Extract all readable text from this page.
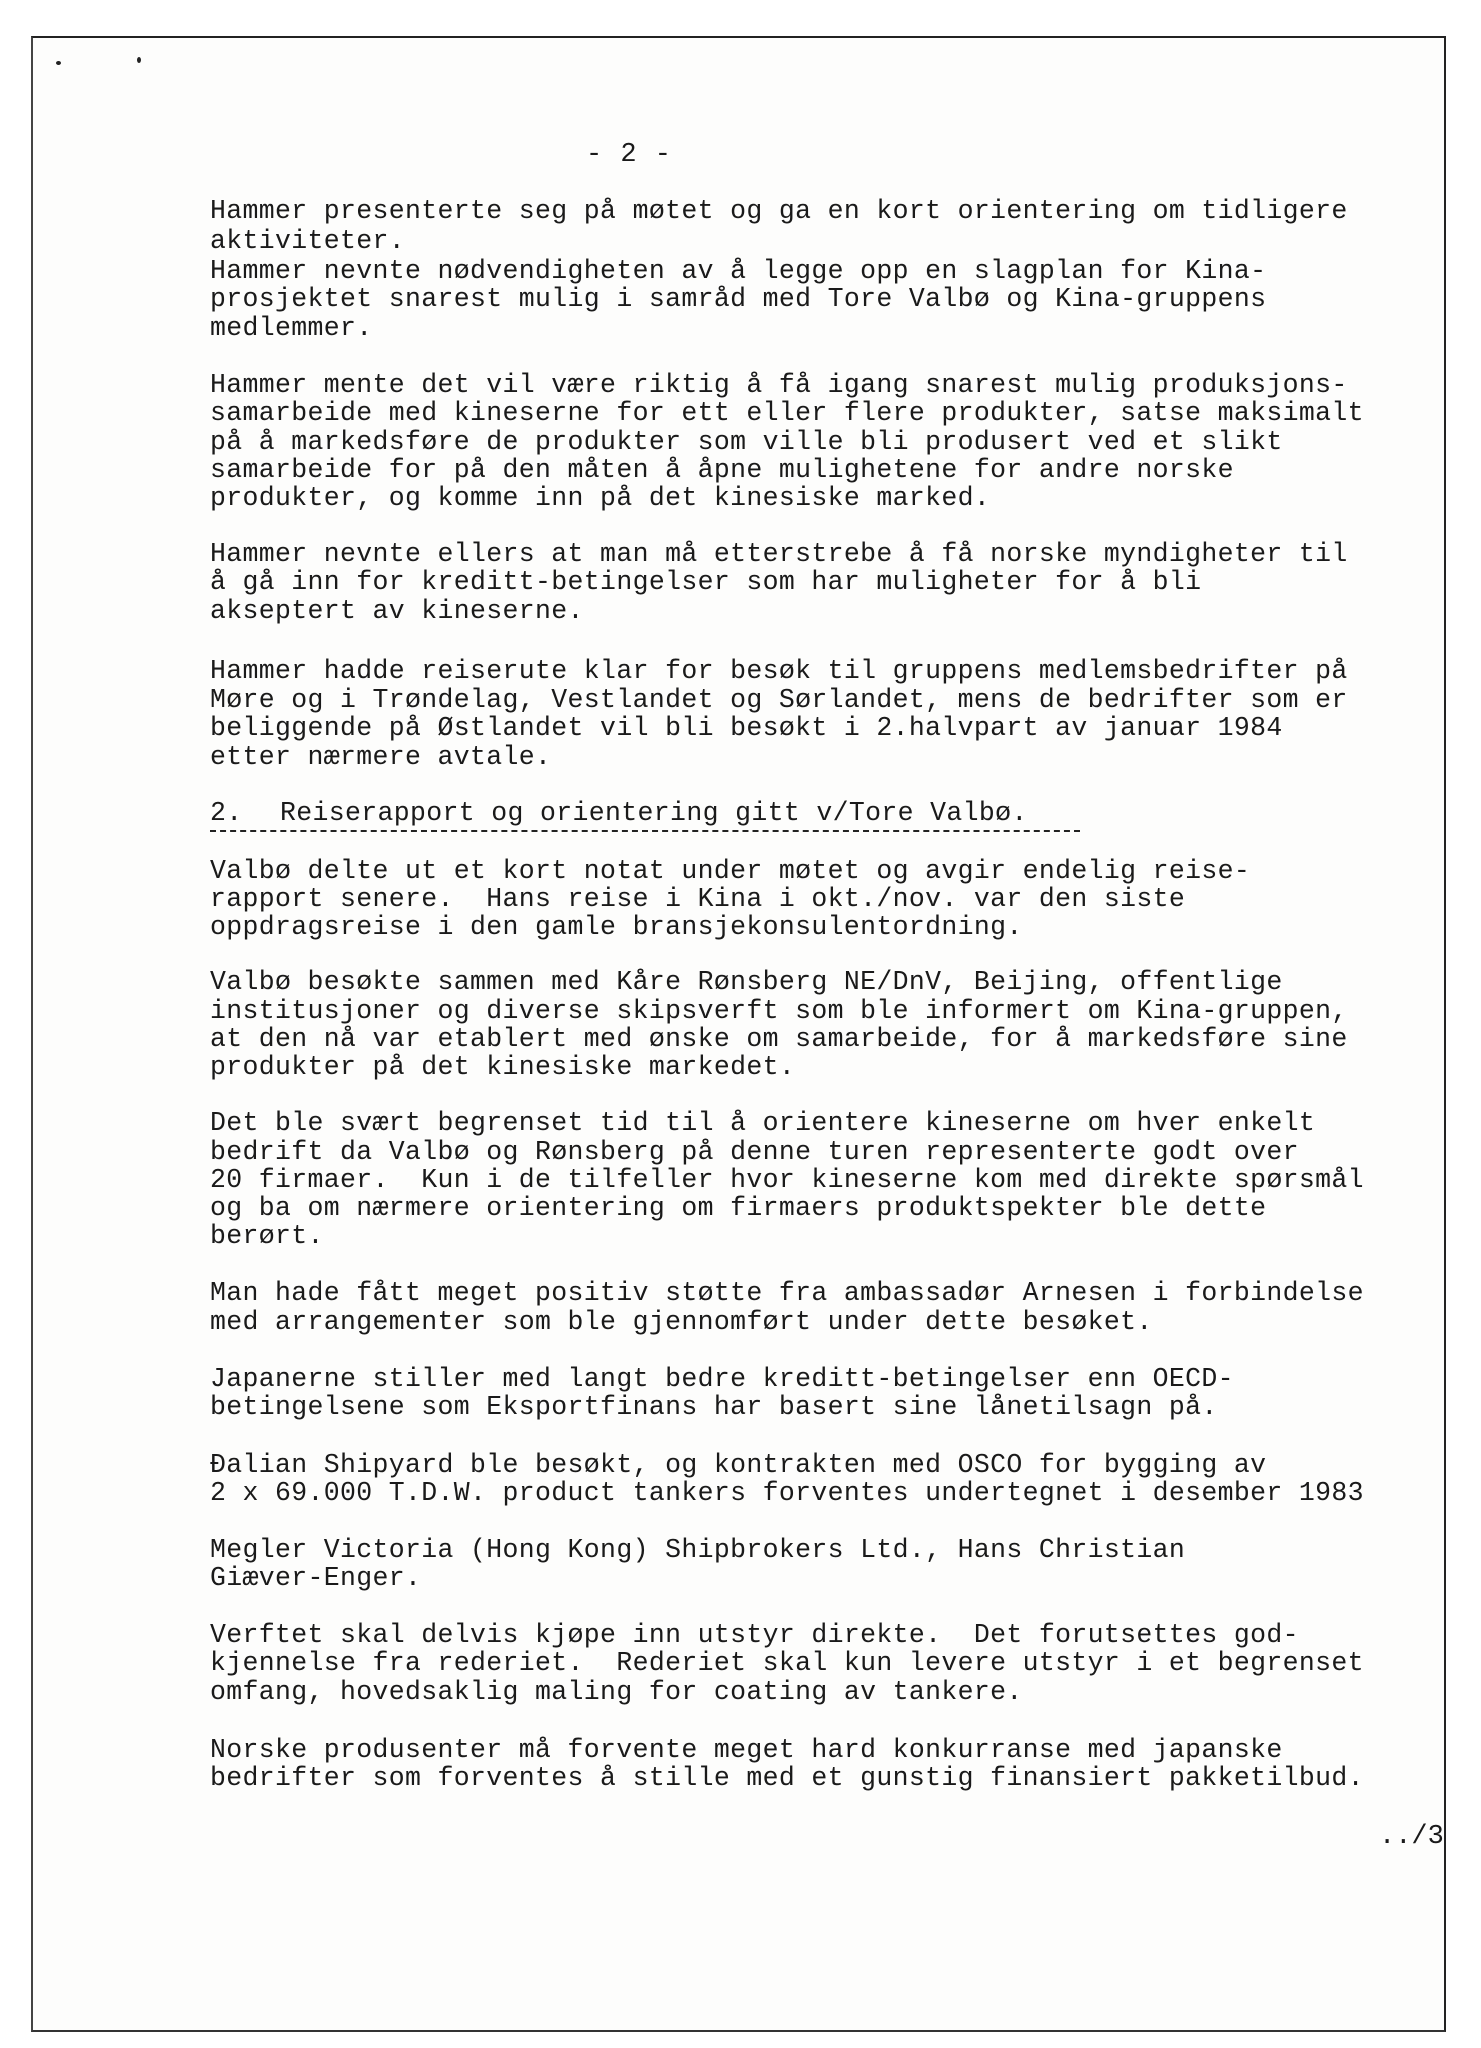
- 2 -
Hammer presenterte seg på møtet og ga en kort orientering om tidligere
aktiviteter.
Hammer nevnte nødvendigheten av å legge opp en slagplan for Kina-
prosjektet snarest mulig i samråd med Tore Valbø og Kina-gruppens
medlemmer.
Hammer mente det vil være riktig å få igang snarest mulig produksjons-
samarbeide med kineserne for ett eller flere produkter, satse maksimalt
på å markedsføre de produkter som ville bli produsert ved et slikt
samarbeide for på den måten å åpne mulighetene for andre norske
produkter, og komme inn på det kinesiske marked.
Hammer nevnte ellers at man må etterstrebe å få norske myndigheter til
å gå inn for kreditt-betingelser som har muligheter for å bli
akseptert av kineserne.
Hammer hadde reiserute klar for besøk til gruppens medlemsbedrifter på
Møre og i Trøndelag, Vestlandet og Sørlandet, mens de bedrifter som er
beliggende på Østlandet vil bli besøkt i 2.halvpart av januar 1984
etter nærmere avtale.
2. Reiserapport og orientering gitt v/Tore Valbø.
Valbø delte ut et kort notat under møtet og avgir endelig reise-
rapport senere.  Hans reise i Kina i okt./nov. var den siste
oppdragsreise i den gamle bransjekonsulentordning.
Valbø besøkte sammen med Kåre Rønsberg NE/DnV, Beijing, offentlige
institusjoner og diverse skipsverft som ble informert om Kina-gruppen,
at den nå var etablert med ønske om samarbeide, for å markedsføre sine
produkter på det kinesiske markedet.
Det ble svært begrenset tid til å orientere kineserne om hver enkelt
bedrift da Valbø og Rønsberg på denne turen representerte godt over
20 firmaer.  Kun i de tilfeller hvor kineserne kom med direkte spørsmål
og ba om nærmere orientering om firmaers produktspekter ble dette
berørt.
Man hade fått meget positiv støtte fra ambassadør Arnesen i forbindelse
med arrangementer som ble gjennomført under dette besøket.
Japanerne stiller med langt bedre kreditt-betingelser enn OECD-
betingelsene som Eksportfinans har basert sine lånetilsagn på.
Đalian Shipyard ble besøkt, og kontrakten med OSCO for bygging av
2 x 69.000 T.D.W. product tankers forventes undertegnet i desember 1983
Megler Victoria (Hong Kong) Shipbrokers Ltd., Hans Christian
Giæver-Enger.
Verftet skal delvis kjøpe inn utstyr direkte.  Det forutsettes god-
kjennelse fra rederiet.  Rederiet skal kun levere utstyr i et begrenset
omfang, hovedsaklig maling for coating av tankere.
Norske produsenter må forvente meget hard konkurranse med japanske
bedrifter som forventes å stille med et gunstig finansiert pakketilbud.
../3
